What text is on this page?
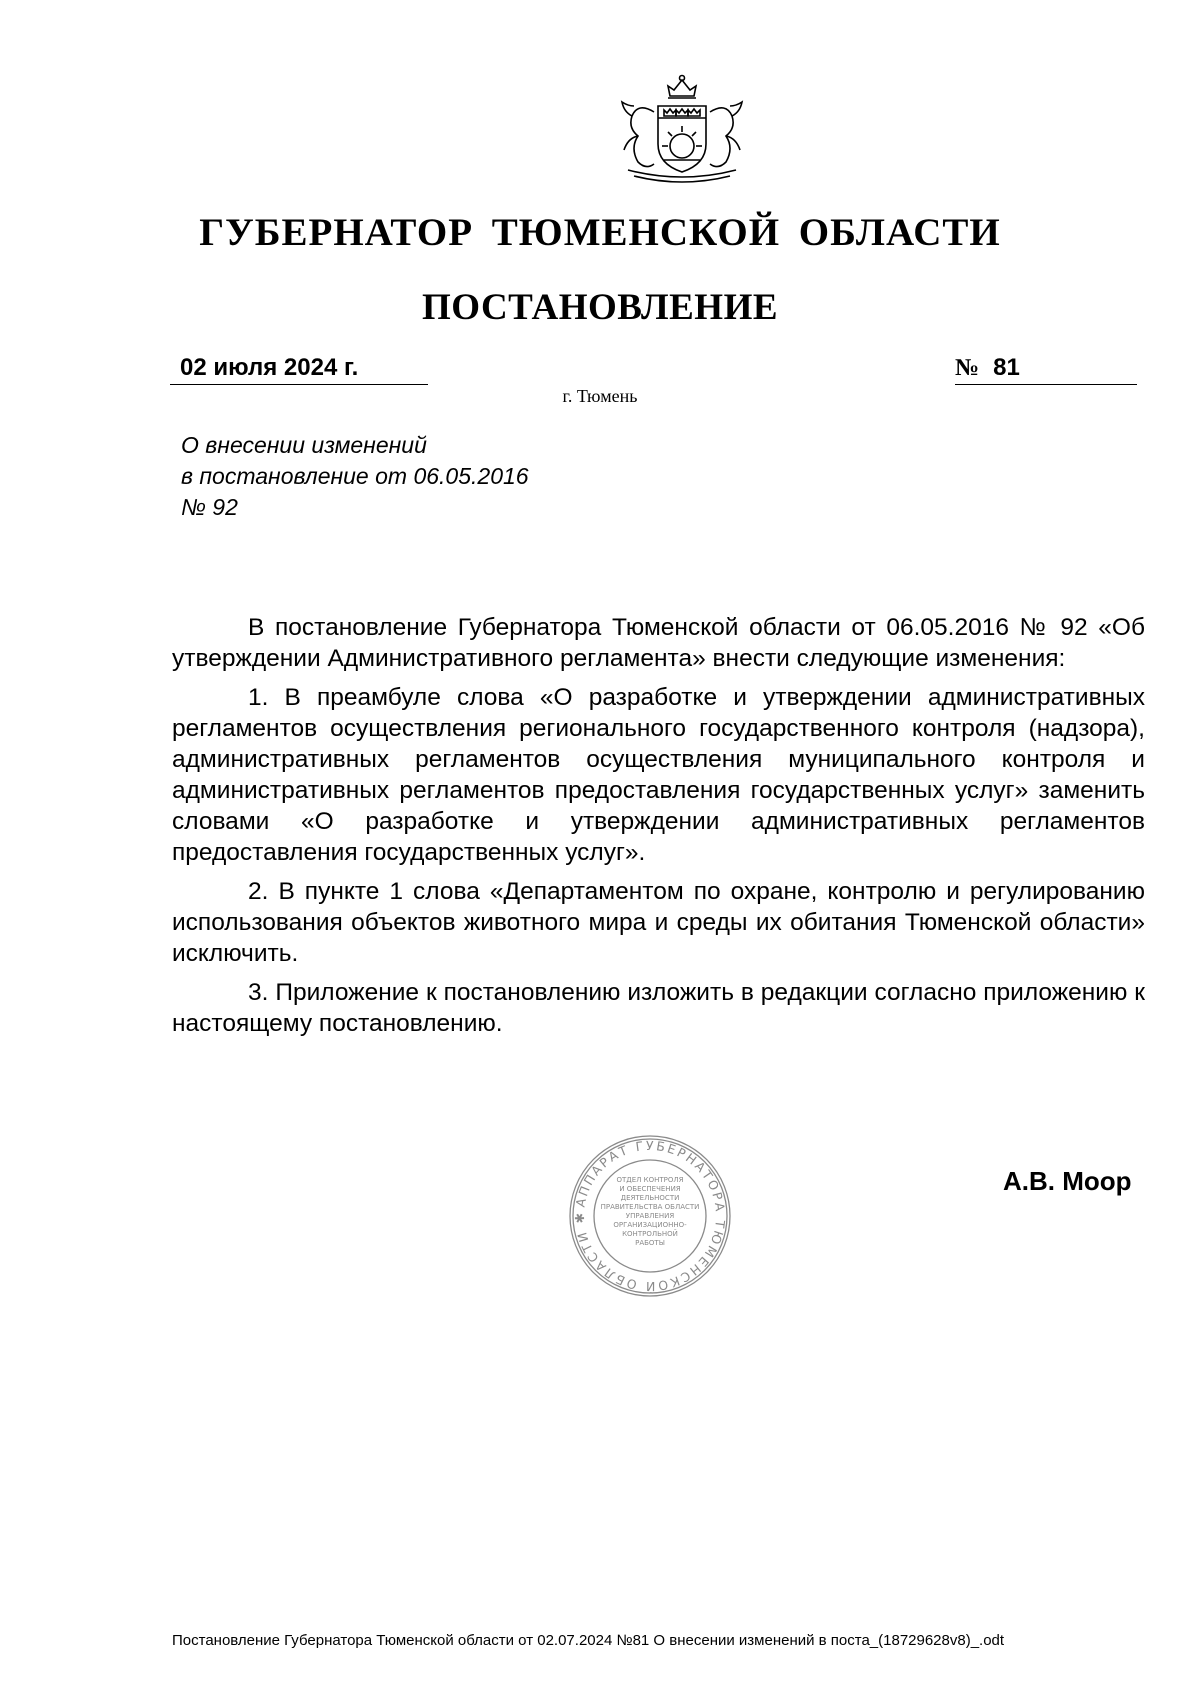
ГУБЕРНАТОР ТЮМЕНСКОЙ ОБЛАСТИ
ПОСТАНОВЛЕНИЕ
02 июля 2024 г.	№ 81
г. Тюмень
О внесении изменений
в постановление от 06.05.2016
№ 92

В постановление Губернатора Тюменской области от 06.05.2016 № 92 «Об утверждении Административного регламента» внести следующие изменения:

1. В преамбуле слова «О разработке и утверждении административных регламентов осуществления регионального государственного контроля (надзора), административных регламентов осуществления муниципального контроля и административных регламентов предоставления государственных услуг» заменить словами «О разработке и утверждении административных регламентов предоставления государственных услуг».

2. В пункте 1 слова «Департаментом по охране, контролю и регулированию использования объектов животного мира и среды их обитания Тюменской области» исключить.

3. Приложение к постановлению изложить в редакции согласно приложению к настоящему постановлению.

АППАРАТ ГУБЕРНАТОРА ТЮМЕНСКОЙ ОБЛАСТИ ✱
ОТДЕЛ КОНТРОЛЯ
И ОБЕСПЕЧЕНИЯ
ДЕЯТЕЛЬНОСТИ
ПРАВИТЕЛЬСТВА ОБЛАСТИ
УПРАВЛЕНИЯ
ОРГАНИЗАЦИОННО-
КОНТРОЛЬНОЙ
РАБОТЫ
А.В. Моор
Постановление Губернатора Тюменской области от 02.07.2024 №81 О внесении изменений в поста_(18729628v8)_.odt
